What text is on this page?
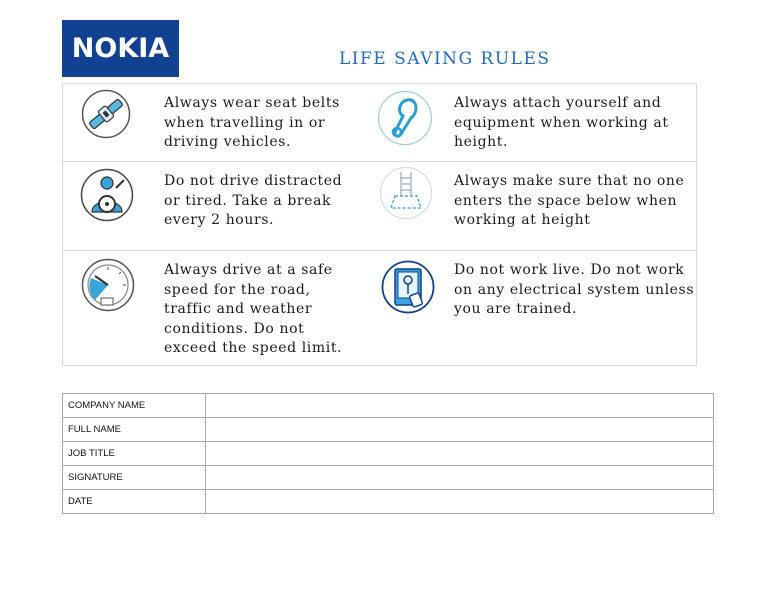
NOKIA	LIFE SAVING RULES
Always wear seat belts when travelling in or driving vehicles.
Always attach yourself and equipment when working at height.
Do not drive distracted or tired. Take a break every 2 hours.
Always make sure that no one enters the space below when working at height
Always drive at a safe speed for the road, traffic and weather conditions. Do not exceed the speed limit.
Do not work live. Do not work on any electrical system unless you are trained.
COMPANY NAME	
FULL NAME	
JOB TITLE	
SIGNATURE	
DATE	
